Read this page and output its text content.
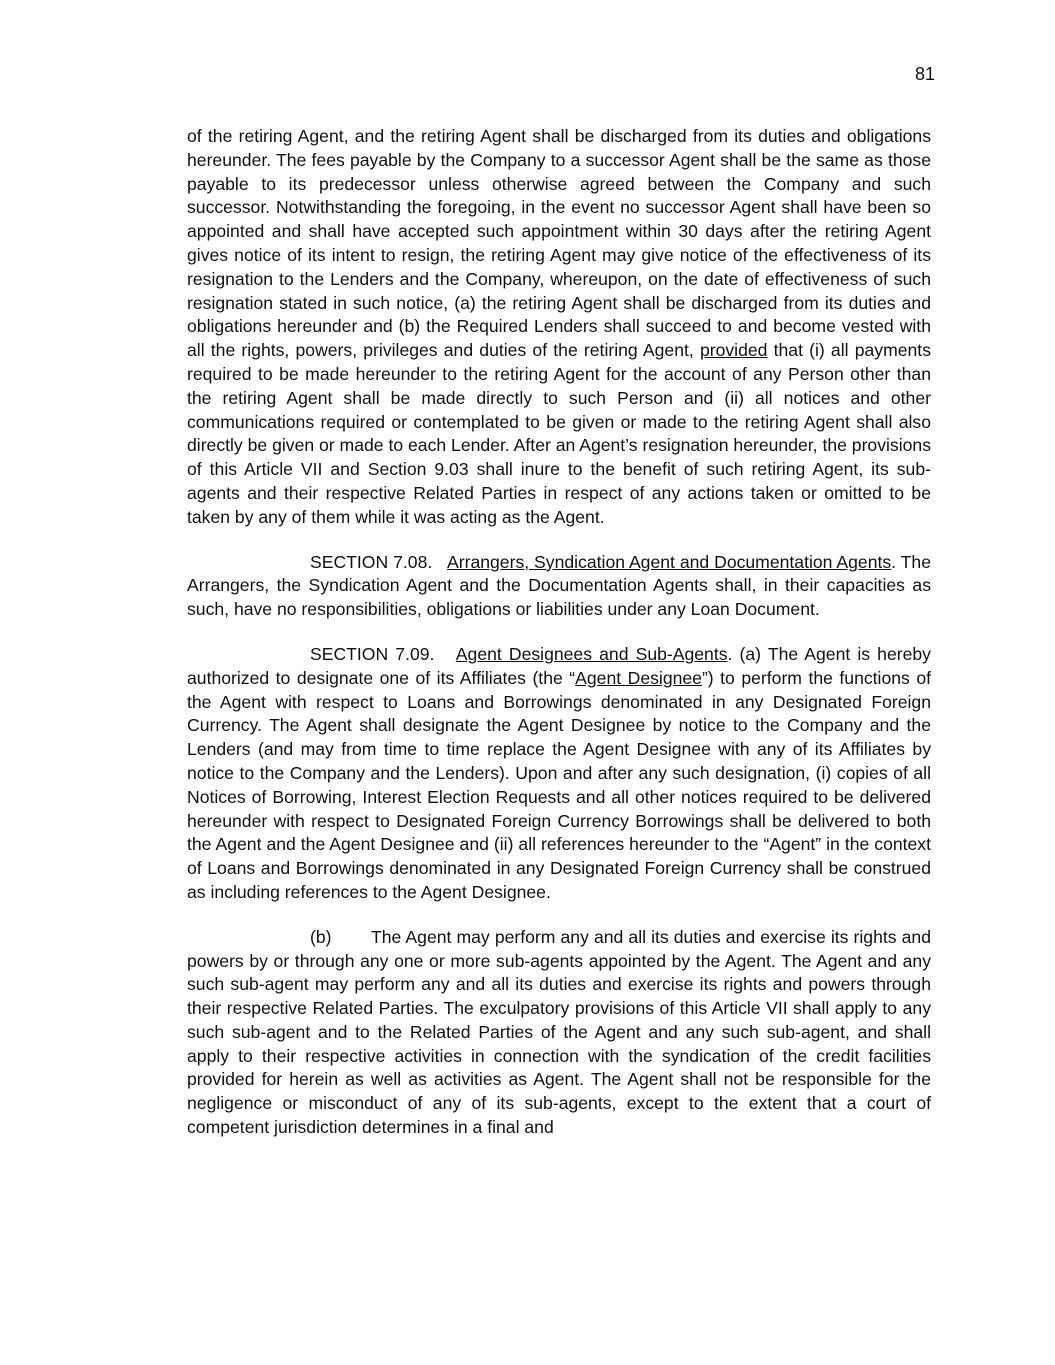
81

of the retiring Agent, and the retiring Agent shall be discharged from its duties and obligations hereunder. The fees payable by the Company to a successor Agent shall be the same as those payable to its predecessor unless otherwise agreed between the Company and such successor. Notwithstanding the foregoing, in the event no successor Agent shall have been so appointed and shall have accepted such appointment within 30 days after the retiring Agent gives notice of its intent to resign, the retiring Agent may give notice of the effectiveness of its resignation to the Lenders and the Company, whereupon, on the date of effectiveness of such resignation stated in such notice, (a) the retiring Agent shall be discharged from its duties and obligations hereunder and (b) the Required Lenders shall succeed to and become vested with all the rights, powers, privileges and duties of the retiring Agent, provided that (i) all payments required to be made hereunder to the retiring Agent for the account of any Person other than the retiring Agent shall be made directly to such Person and (ii) all notices and other communications required or contemplated to be given or made to the retiring Agent shall also directly be given or made to each Lender. After an Agent’s resignation hereunder, the provisions of this Article VII and Section 9.03 shall inure to the benefit of such retiring Agent, its sub-agents and their respective Related Parties in respect of any actions taken or omitted to be taken by any of them while it was acting as the Agent.

SECTION 7.08. Arrangers, Syndication Agent and Documentation Agents. The Arrangers, the Syndication Agent and the Documentation Agents shall, in their capacities as such, have no responsibilities, obligations or liabilities under any Loan Document.

SECTION 7.09. Agent Designees and Sub-Agents. (a) The Agent is hereby authorized to designate one of its Affiliates (the “Agent Designee”) to perform the functions of the Agent with respect to Loans and Borrowings denominated in any Designated Foreign Currency. The Agent shall designate the Agent Designee by notice to the Company and the Lenders (and may from time to time replace the Agent Designee with any of its Affiliates by notice to the Company and the Lenders). Upon and after any such designation, (i) copies of all Notices of Borrowing, Interest Election Requests and all other notices required to be delivered hereunder with respect to Designated Foreign Currency Borrowings shall be delivered to both the Agent and the Agent Designee and (ii) all references hereunder to the “Agent” in the context of Loans and Borrowings denominated in any Designated Foreign Currency shall be construed as including references to the Agent Designee.

(b) The Agent may perform any and all its duties and exercise its rights and powers by or through any one or more sub-agents appointed by the Agent. The Agent and any such sub-agent may perform any and all its duties and exercise its rights and powers through their respective Related Parties. The exculpatory provisions of this Article VII shall apply to any such sub-agent and to the Related Parties of the Agent and any such sub-agent, and shall apply to their respective activities in connection with the syndication of the credit facilities provided for herein as well as activities as Agent. The Agent shall not be responsible for the negligence or misconduct of any of its sub-agents, except to the extent that a court of competent jurisdiction determines in a final and
